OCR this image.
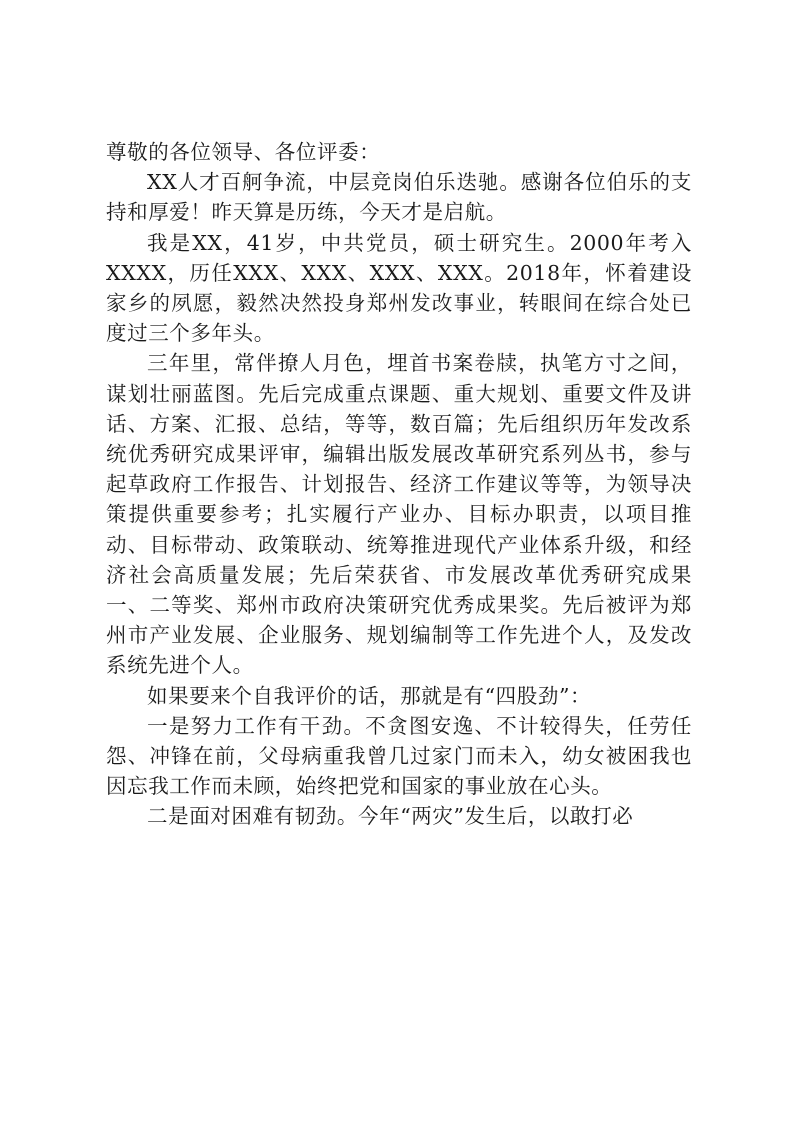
尊敬的各位领导、各位评委：

XX人才百舸争流，中层竞岗伯乐迭驰。感谢各位伯乐的支持和厚爱！昨天算是历练，今天才是启航。

我是XX，41岁，中共党员，硕士研究生。2000年考入XXXX，历任XXX、XXX、XXX、XXX。2018年，怀着建设家乡的夙愿，毅然决然投身郑州发改事业，转眼间在综合处已度过三个多年头。

三年里，常伴撩人月色，埋首书案卷牍，执笔方寸之间，谋划壮丽蓝图。先后完成重点课题、重大规划、重要文件及讲话、方案、汇报、总结，等等，数百篇；先后组织历年发改系统优秀研究成果评审，编辑出版发展改革研究系列丛书，参与起草政府工作报告、计划报告、经济工作建议等等，为领导决策提供重要参考；扎实履行产业办、目标办职责，以项目推动、目标带动、政策联动、统筹推进现代产业体系升级，和经济社会高质量发展；先后荣获省、市发展改革优秀研究成果一、二等奖、郑州市政府决策研究优秀成果奖。先后被评为郑州市产业发展、企业服务、规划编制等工作先进个人，及发改系统先进个人。

如果要来个自我评价的话，那就是有“四股劲”：

一是努力工作有干劲。不贪图安逸、不计较得失，任劳任怨、冲锋在前，父母病重我曾几过家门而未入，幼女被困我也因忘我工作而未顾，始终把党和国家的事业放在心头。

二是面对困难有韧劲。今年“两灾”发生后，以敢打必
